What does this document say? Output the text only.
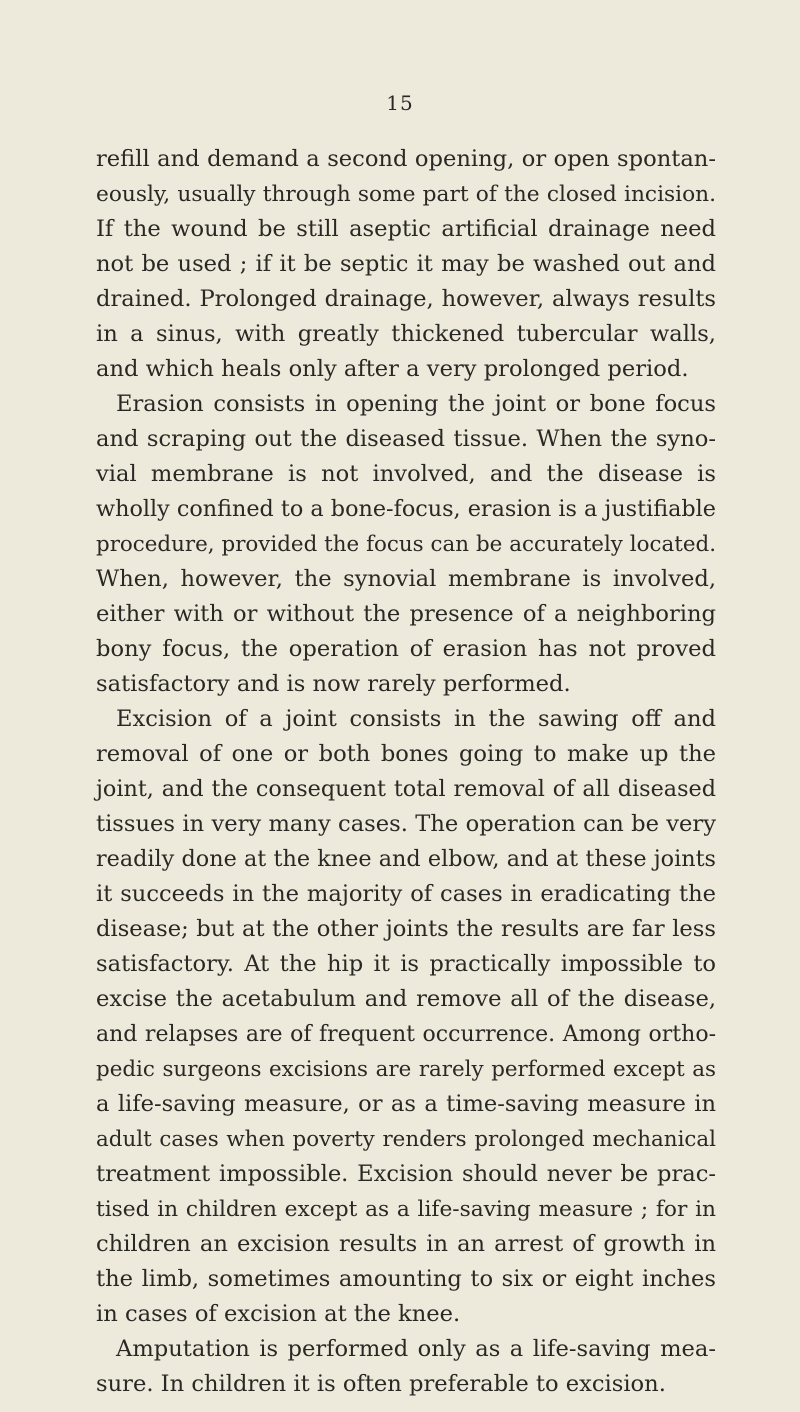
15
refill and demand a second opening, or open spontan-
eously, usually through some part of the closed incision.
If the wound be still aseptic artificial drainage need
not be used ; if it be septic it may be washed out and
drained. Prolonged drainage, however, always results
in a sinus, with greatly thickened tubercular walls,
and which heals only after a very prolonged period.
Erasion consists in opening the joint or bone focus
and scraping out the diseased tissue. When the syno-
vial membrane is not involved, and the disease is
wholly confined to a bone-focus, erasion is a justifiable
procedure, provided the focus can be accurately located.
When, however, the synovial membrane is involved,
either with or without the presence of a neighboring
bony focus, the operation of erasion has not proved
satisfactory and is now rarely performed.
Excision of a joint consists in the sawing off and
removal of one or both bones going to make up the
joint, and the consequent total removal of all diseased
tissues in very many cases. The operation can be very
readily done at the knee and elbow, and at these joints
it succeeds in the majority of cases in eradicating the
disease; but at the other joints the results are far less
satisfactory. At the hip it is practically impossible to
excise the acetabulum and remove all of the disease,
and relapses are of frequent occurrence. Among ortho-
pedic surgeons excisions are rarely performed except as
a life-saving measure, or as a time-saving measure in
adult cases when poverty renders prolonged mechanical
treatment impossible. Excision should never be prac-
tised in children except as a life-saving measure ; for in
children an excision results in an arrest of growth in
the limb, sometimes amounting to six or eight inches
in cases of excision at the knee.
Amputation is performed only as a life-saving mea-
sure. In children it is often preferable to excision.
